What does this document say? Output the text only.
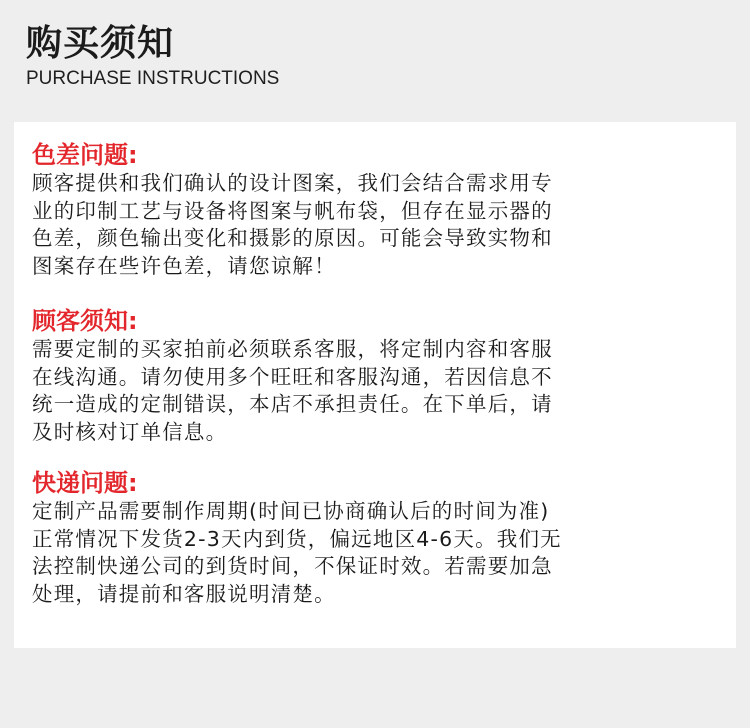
购买须知
PURCHASE INSTRUCTIONS
色差问题:
顾客提供和我们确认的设计图案，我们会结合需求用专
业的印制工艺与设备将图案与帆布袋，但存在显示器的
色差，颜色输出变化和摄影的原因。可能会导致实物和
图案存在些许色差，请您谅解！
顾客须知:
需要定制的买家拍前必须联系客服，将定制内容和客服
在线沟通。请勿使用多个旺旺和客服沟通，若因信息不
统一造成的定制错误，本店不承担责任。在下单后，请
及时核对订单信息。
快递问题:
定制产品需要制作周期(时间已协商确认后的时间为准)
正常情况下发货2-3天内到货，偏远地区4-6天。我们无
法控制快递公司的到货时间，不保证时效。若需要加急
处理，请提前和客服说明清楚。
